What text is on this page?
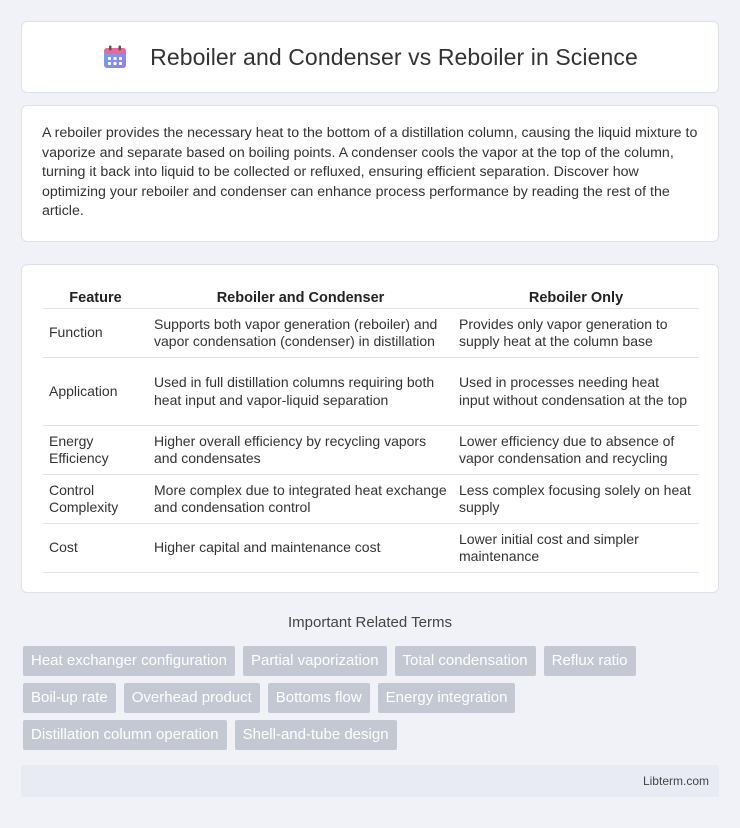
Reboiler and Condenser vs Reboiler in Science

A reboiler provides the necessary heat to the bottom of a distillation column, causing the liquid mixture to vaporize and separate based on boiling points. A condenser cools the vapor at the top of the column, turning it back into liquid to be collected or refluxed, ensuring efficient separation. Discover how optimizing your reboiler and condenser can enhance process performance by reading the rest of the article.

Feature	Reboiler and Condenser	Reboiler Only
Function	Supports both vapor generation (reboiler) and vapor condensation (condenser) in distillation	Provides only vapor generation to supply heat at the column base
Application	Used in full distillation columns requiring both heat input and vapor-liquid separation	Used in processes needing heat input without condensation at the top
Energy Efficiency	Higher overall efficiency by recycling vapors and condensates	Lower efficiency due to absence of vapor condensation and recycling
Control Complexity	More complex due to integrated heat exchange and condensation control	Less complex focusing solely on heat supply
Cost	Higher capital and maintenance cost	Lower initial cost and simpler maintenance
Important Related Terms
Heat exchanger configuration	Partial vaporization	Total condensation	Reflux ratio
Boil-up rate	Overhead product	Bottoms flow	Energy integration
Distillation column operation	Shell-and-tube design
Libterm.com
